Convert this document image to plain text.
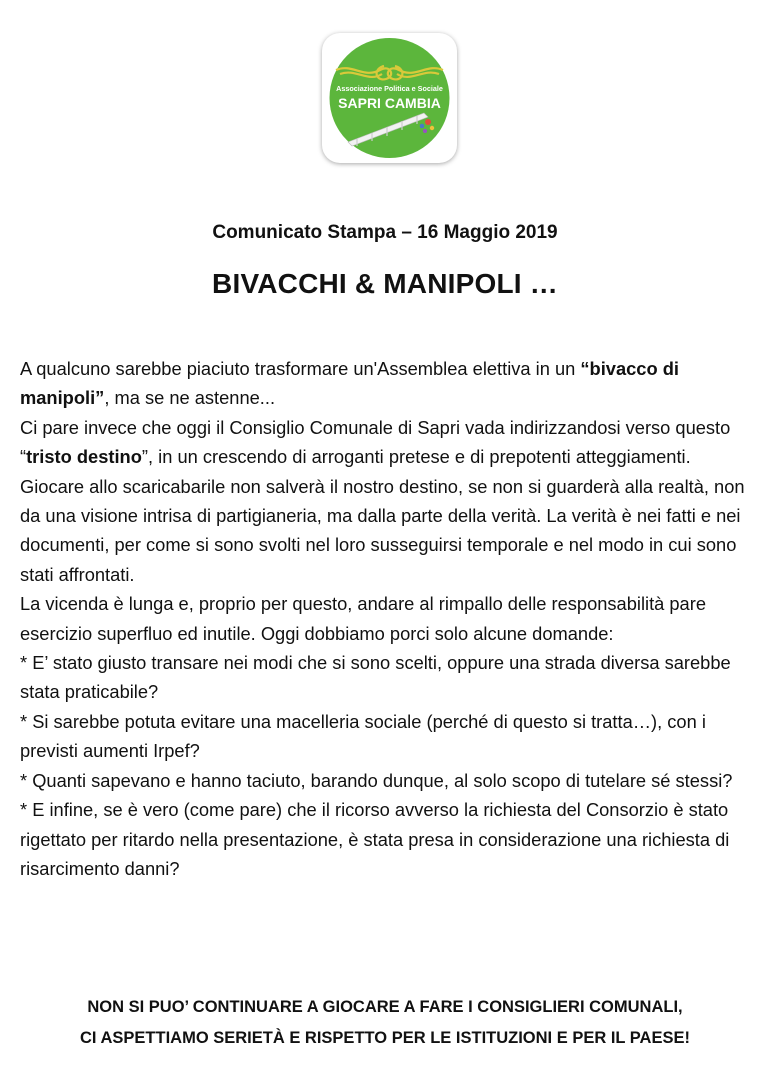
Associazione Politica e Sociale
SAPRI CAMBIA
Comunicato Stampa – 16 Maggio 2019
BIVACCHI & MANIPOLI …

A qualcuno sarebbe piaciuto trasformare un'Assemblea elettiva in un “bivacco di manipoli”, ma se ne astenne...

Ci pare invece che oggi il Consiglio Comunale di Sapri vada indirizzandosi verso questo “tristo destino”, in un crescendo di arroganti pretese e di prepotenti atteggiamenti.

Giocare allo scaricabarile non salverà il nostro destino, se non si guarderà alla realtà, non da una visione intrisa di partigianeria, ma dalla parte della verità. La verità è nei fatti e nei documenti, per come si sono svolti nel loro susseguirsi temporale e nel modo in cui sono stati affrontati.

La vicenda è lunga e, proprio per questo, andare al rimpallo delle responsabilità pare esercizio superfluo ed inutile. Oggi dobbiamo porci solo alcune domande:

* E’ stato giusto transare nei modi che si sono scelti, oppure una strada diversa sarebbe stata praticabile?

* Si sarebbe potuta evitare una macelleria sociale (perché di questo si tratta…), con i previsti aumenti Irpef?

* Quanti sapevano e hanno taciuto, barando dunque, al solo scopo di tutelare sé stessi?

* E infine, se è vero (come pare) che il ricorso avverso la richiesta del Consorzio è stato rigettato per ritardo nella presentazione, è stata presa in considerazione una richiesta di risarcimento danni?

NON SI PUO’ CONTINUARE A GIOCARE A FARE I CONSIGLIERI COMUNALI,

CI ASPETTIAMO SERIETÀ E RISPETTO PER LE ISTITUZIONI E PER IL PAESE!
